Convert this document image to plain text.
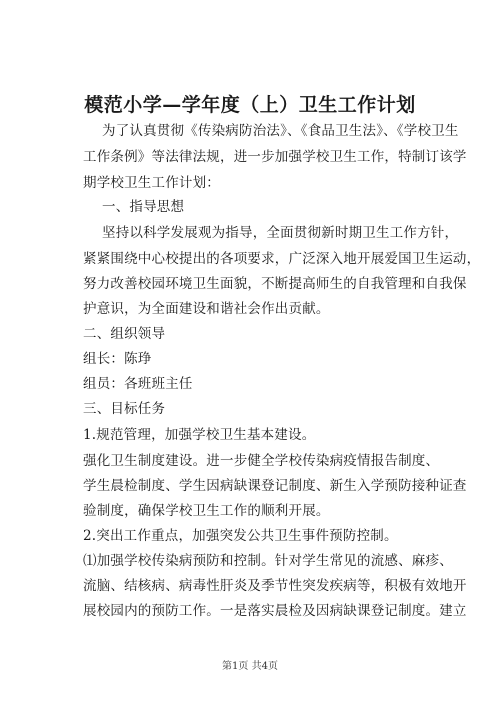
模范小学—学年度（上）卫生工作计划
为了认真贯彻《传染病防治法》、《食品卫生法》、《学校卫生
工作条例》等法律法规，进一步加强学校卫生工作，特制订该学
期学校卫生工作计划：
一、指导思想
坚持以科学发展观为指导，全面贯彻新时期卫生工作方针，
紧紧围绕中心校提出的各项要求，广泛深入地开展爱国卫生运动，
努力改善校园环境卫生面貌，不断提高师生的自我管理和自我保
护意识，为全面建设和谐社会作出贡献。
二、组织领导
组长：陈琤
组员：各班班主任
三、目标任务
1.规范管理，加强学校卫生基本建设。
强化卫生制度建设。进一步健全学校传染病疫情报告制度、
学生晨检制度、学生因病缺课登记制度、新生入学预防接种证查
验制度，确保学校卫生工作的顺利开展。
2.突出工作重点，加强突发公共卫生事件预防控制。
⑴加强学校传染病预防和控制。针对学生常见的流感、麻疹、
流脑、结核病、病毒性肝炎及季节性突发疾病等，积极有效地开
展校园内的预防工作。一是落实晨检及因病缺课登记制度。建立
第1页 共4页
